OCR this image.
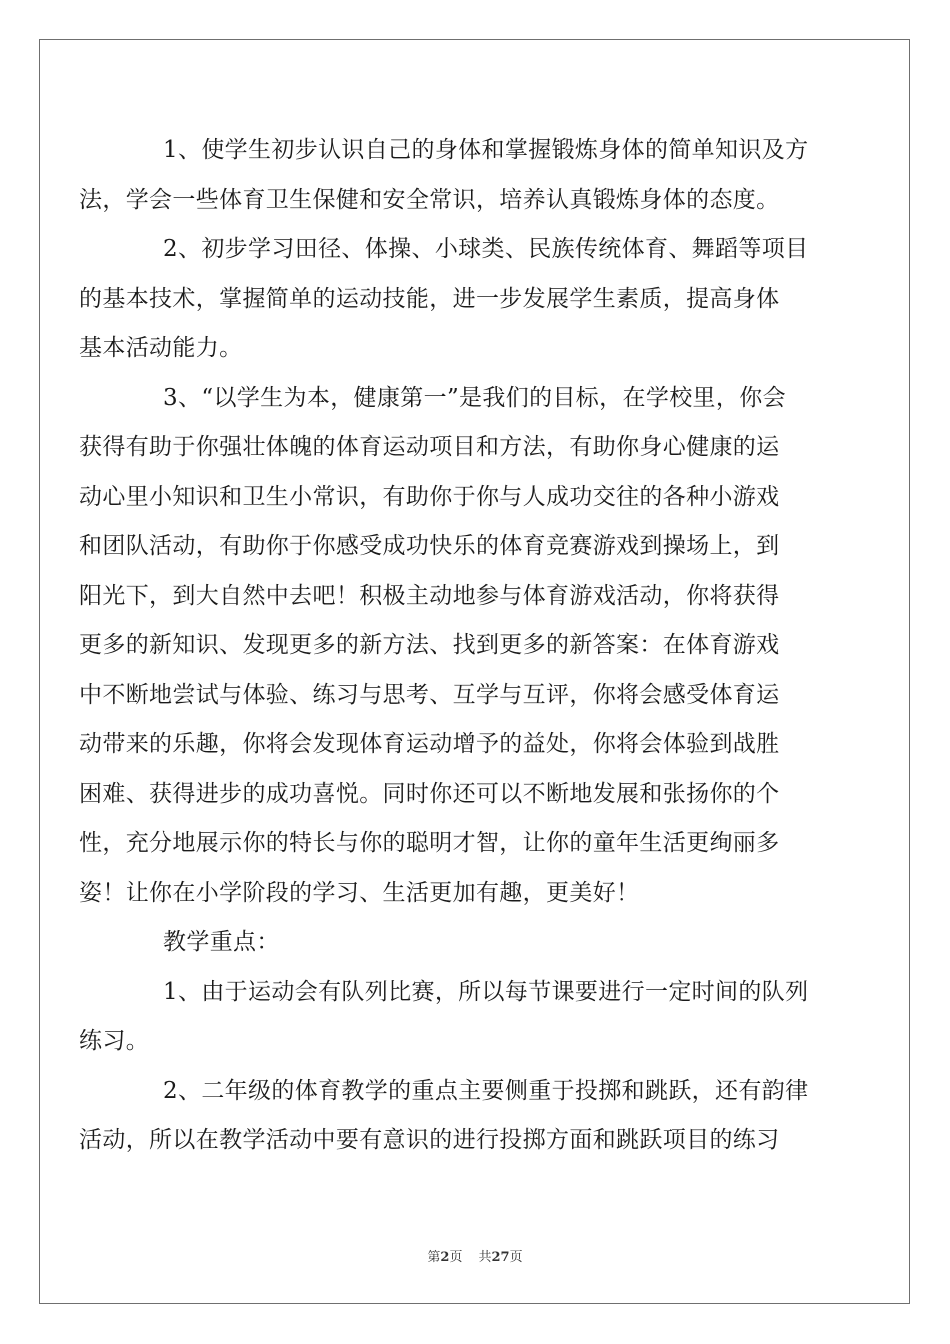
1、使学生初步认识自己的身体和掌握锻炼身体的简单知识及方
法，学会一些体育卫生保健和安全常识，培养认真锻炼身体的态度。
2、初步学习田径、体操、小球类、民族传统体育、舞蹈等项目
的基本技术，掌握简单的运动技能，进一步发展学生素质，提高身体
基本活动能力。
3、“以学生为本，健康第一”是我们的目标，在学校里，你会
获得有助于你强壮体魄的体育运动项目和方法，有助你身心健康的运
动心里小知识和卫生小常识，有助你于你与人成功交往的各种小游戏
和团队活动，有助你于你感受成功快乐的体育竞赛游戏到操场上，到
阳光下，到大自然中去吧！积极主动地参与体育游戏活动，你将获得
更多的新知识、发现更多的新方法、找到更多的新答案：在体育游戏
中不断地尝试与体验、练习与思考、互学与互评，你将会感受体育运
动带来的乐趣，你将会发现体育运动增予的益处，你将会体验到战胜
困难、获得进步的成功喜悦。同时你还可以不断地发展和张扬你的个
性，充分地展示你的特长与你的聪明才智，让你的童年生活更绚丽多
姿！让你在小学阶段的学习、生活更加有趣，更美好！
教学重点：
1、由于运动会有队列比赛，所以每节课要进行一定时间的队列
练习。
2、二年级的体育教学的重点主要侧重于投掷和跳跃，还有韵律
活动，所以在教学活动中要有意识的进行投掷方面和跳跃项目的练习
第2页 共27页
